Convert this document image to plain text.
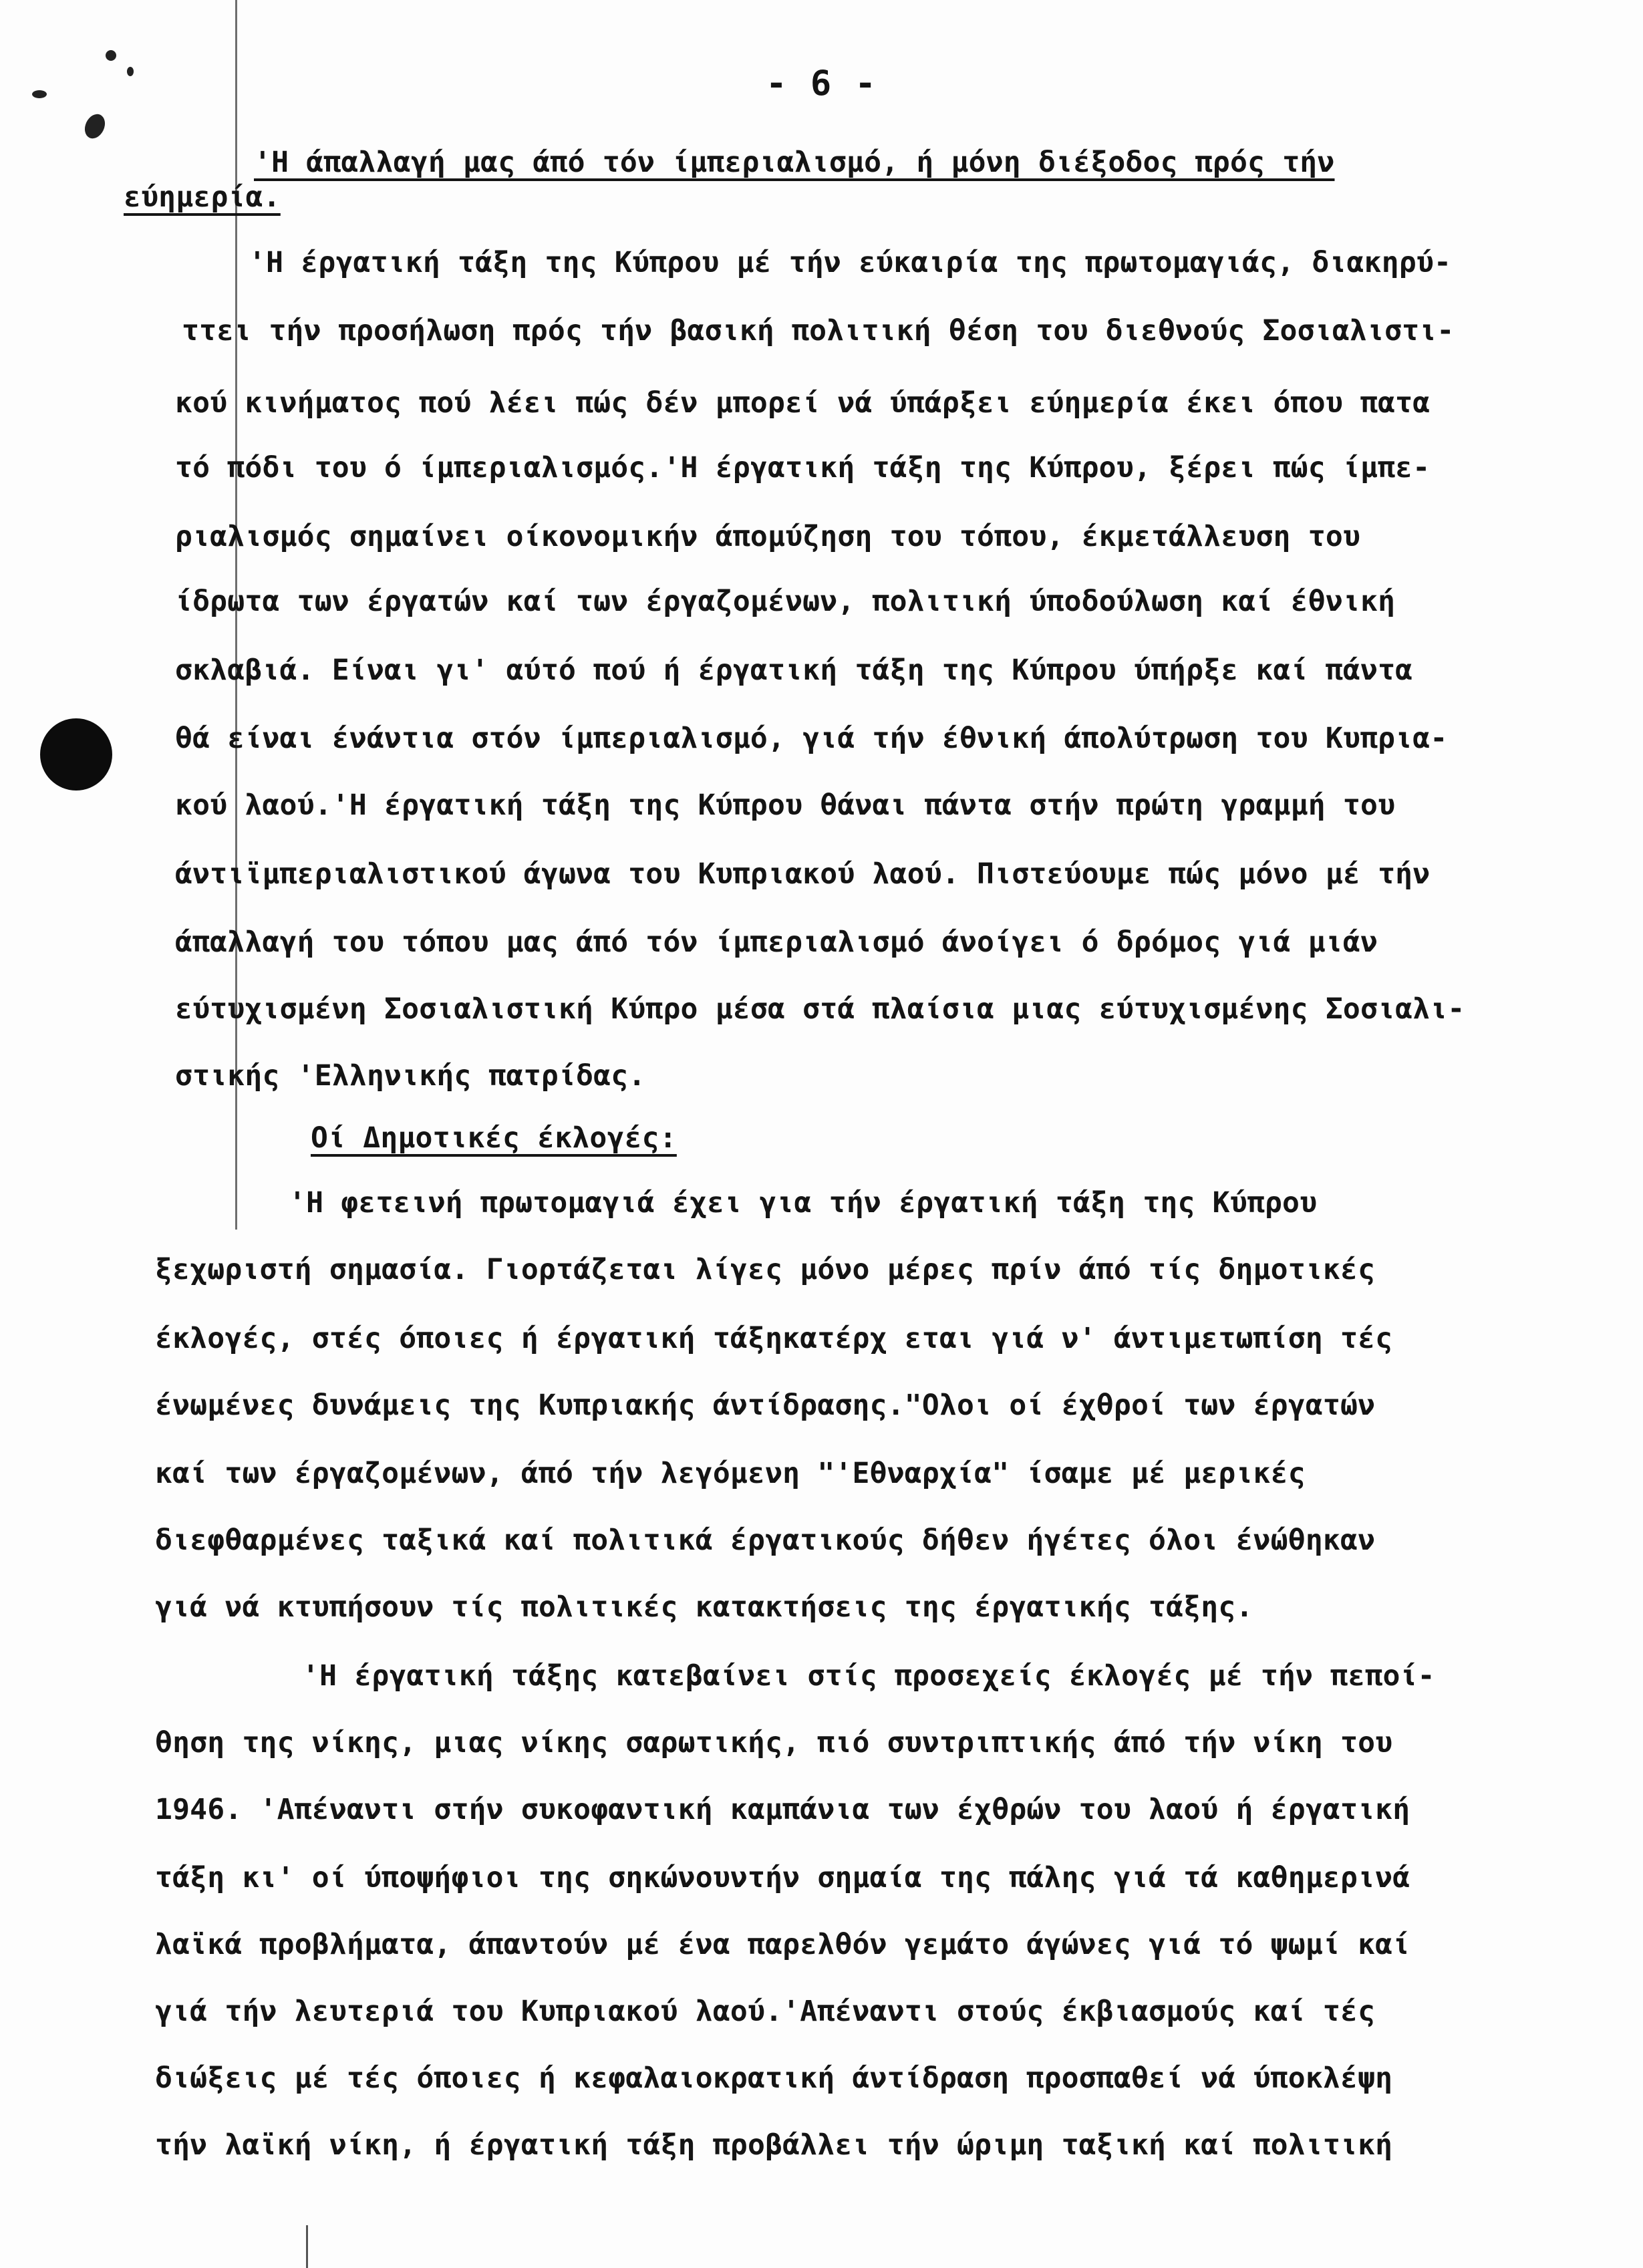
- 6 -
'Η άπαλλαγή μας άπό τόν ίμπεριαλισμό, ή μόνη διέξοδος πρός τήν
εύημερία.
'Η έργατική τάξη της Κύπρου μέ τήν εύκαιρία της πρωτομαγιάς, διακηρύ-
ττει τήν προσήλωση πρός τήν βασική πολιτική θέση του διεθνούς Σοσιαλιστι-
κού κινήματος πού λέει πώς δέν μπορεί νά ύπάρξει εύημερία έκει όπου πατα
τό πόδι του ό ίμπεριαλισμός.'Η έργατική τάξη της Κύπρου, ξέρει πώς ίμπε-
ριαλισμός σημαίνει οίκονομικήν άπομύζηση του τόπου, έκμετάλλευση του
ίδρωτα των έργατών καί των έργαζομένων, πολιτική ύποδούλωση καί έθνική
σκλαβιά. Είναι γι' αύτό πού ή έργατική τάξη της Κύπρου ύπήρξε καί πάντα
θά είναι ένάντια στόν ίμπεριαλισμό, γιά τήν έθνική άπολύτρωση του Κυπρια-
κού λαού.'Η έργατική τάξη της Κύπρου θάναι πάντα στήν πρώτη γραμμή του
άντιϊμπεριαλιστικού άγωνα του Κυπριακού λαού. Πιστεύουμε πώς μόνο μέ τήν
άπαλλαγή του τόπου μας άπό τόν ίμπεριαλισμό άνοίγει ό δρόμος γιά μιάν
εύτυχισμένη Σοσιαλιστική Κύπρο μέσα στά πλαίσια μιας εύτυχισμένης Σοσιαλι-
στικής 'Ελληνικής πατρίδας.
Οί Δημοτικές έκλογές:
'Η φετεινή πρωτομαγιά έχει για τήν έργατική τάξη της Κύπρου
ξεχωριστή σημασία. Γιορτάζεται λίγες μόνο μέρες πρίν άπό τίς δημοτικές
έκλογές, στές όποιες ή έργατική τάξηκατέρχ εται γιά ν' άντιμετωπίση τές
ένωμένες δυνάμεις της Κυπριακής άντίδρασης."Ολοι οί έχθροί των έργατών
καί των έργαζομένων, άπό τήν λεγόμενη "'Εθναρχία" ίσαμε μέ μερικές
διεφθαρμένες ταξικά καί πολιτικά έργατικούς δήθεν ήγέτες όλοι ένώθηκαν
γιά νά κτυπήσουν τίς πολιτικές κατακτήσεις της έργατικής τάξης.
'Η έργατική τάξης κατεβαίνει στίς προσεχείς έκλογές μέ τήν πεποί-
θηση της νίκης, μιας νίκης σαρωτικής, πιό συντριπτικής άπό τήν νίκη του
1946. 'Απέναντι στήν συκοφαντική καμπάνια των έχθρών του λαού ή έργατική
τάξη κι' οί ύποψήφιοι της σηκώνουντήν σημαία της πάλης γιά τά καθημερινά
λαϊκά προβλήματα, άπαντούν μέ ένα παρελθόν γεμάτο άγώνες γιά τό ψωμί καί
γιά τήν λευτεριά του Κυπριακού λαού.'Απέναντι στούς έκβιασμούς καί τές
διώξεις μέ τές όποιες ή κεφαλαιοκρατική άντίδραση προσπαθεί νά ύποκλέψη
τήν λαϊκή νίκη, ή έργατική τάξη προβάλλει τήν ώριμη ταξική καί πολιτική
